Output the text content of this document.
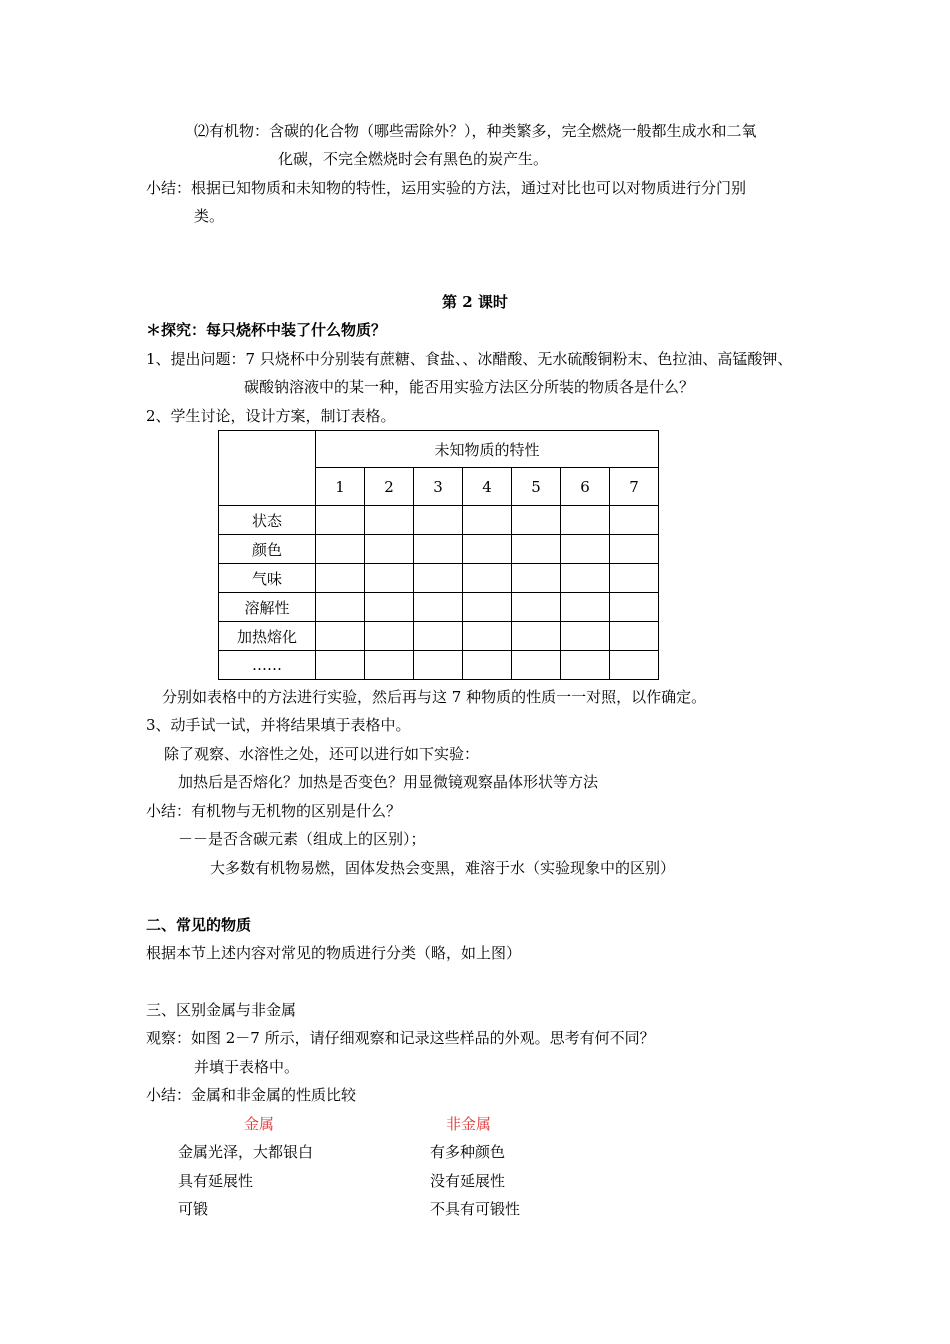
⑵有机物：含碳的化合物（哪些需除外？），种类繁多，完全燃烧一般都生成水和二氧
化碳，不完全燃烧时会有黑色的炭产生。
小结：根据已知物质和未知物的特性，运用实验的方法，通过对比也可以对物质进行分门别
类。
第 2 课时
＊探究：每只烧杯中装了什么物质？
1、提出问题：7 只烧杯中分别装有蔗糖、食盐、、冰醋酸、无水硫酸铜粉末、色拉油、高锰酸钾、
碳酸钠溶液中的某一种，能否用实验方法区分所装的物质各是什么？
2、学生讨论，设计方案，制订表格。
	未知物质的特性						
	1	2	3	4	5	6	7
状态							
颜色							
气味							
溶解性							
加热熔化							
……							
分别如表格中的方法进行实验，然后再与这 7 种物质的性质一一对照，以作确定。
3、动手试一试，并将结果填于表格中。
除了观察、水溶性之处，还可以进行如下实验：
加热后是否熔化？加热是否变色？用显微镜观察晶体形状等方法
小结：有机物与无机物的区别是什么？
－－是否含碳元素（组成上的区别）；
大多数有机物易燃，固体发热会变黑，难溶于水（实验现象中的区别）
二、常见的物质
根据本节上述内容对常见的物质进行分类（略，如上图）
三、区别金属与非金属
观察：如图 2－7 所示，请仔细观察和记录这些样品的外观。思考有何不同？
并填于表格中。
小结：金属和非金属的性质比较
金属	非金属
金属光泽，大都银白	有多种颜色
具有延展性	没有延展性
可锻	不具有可锻性
